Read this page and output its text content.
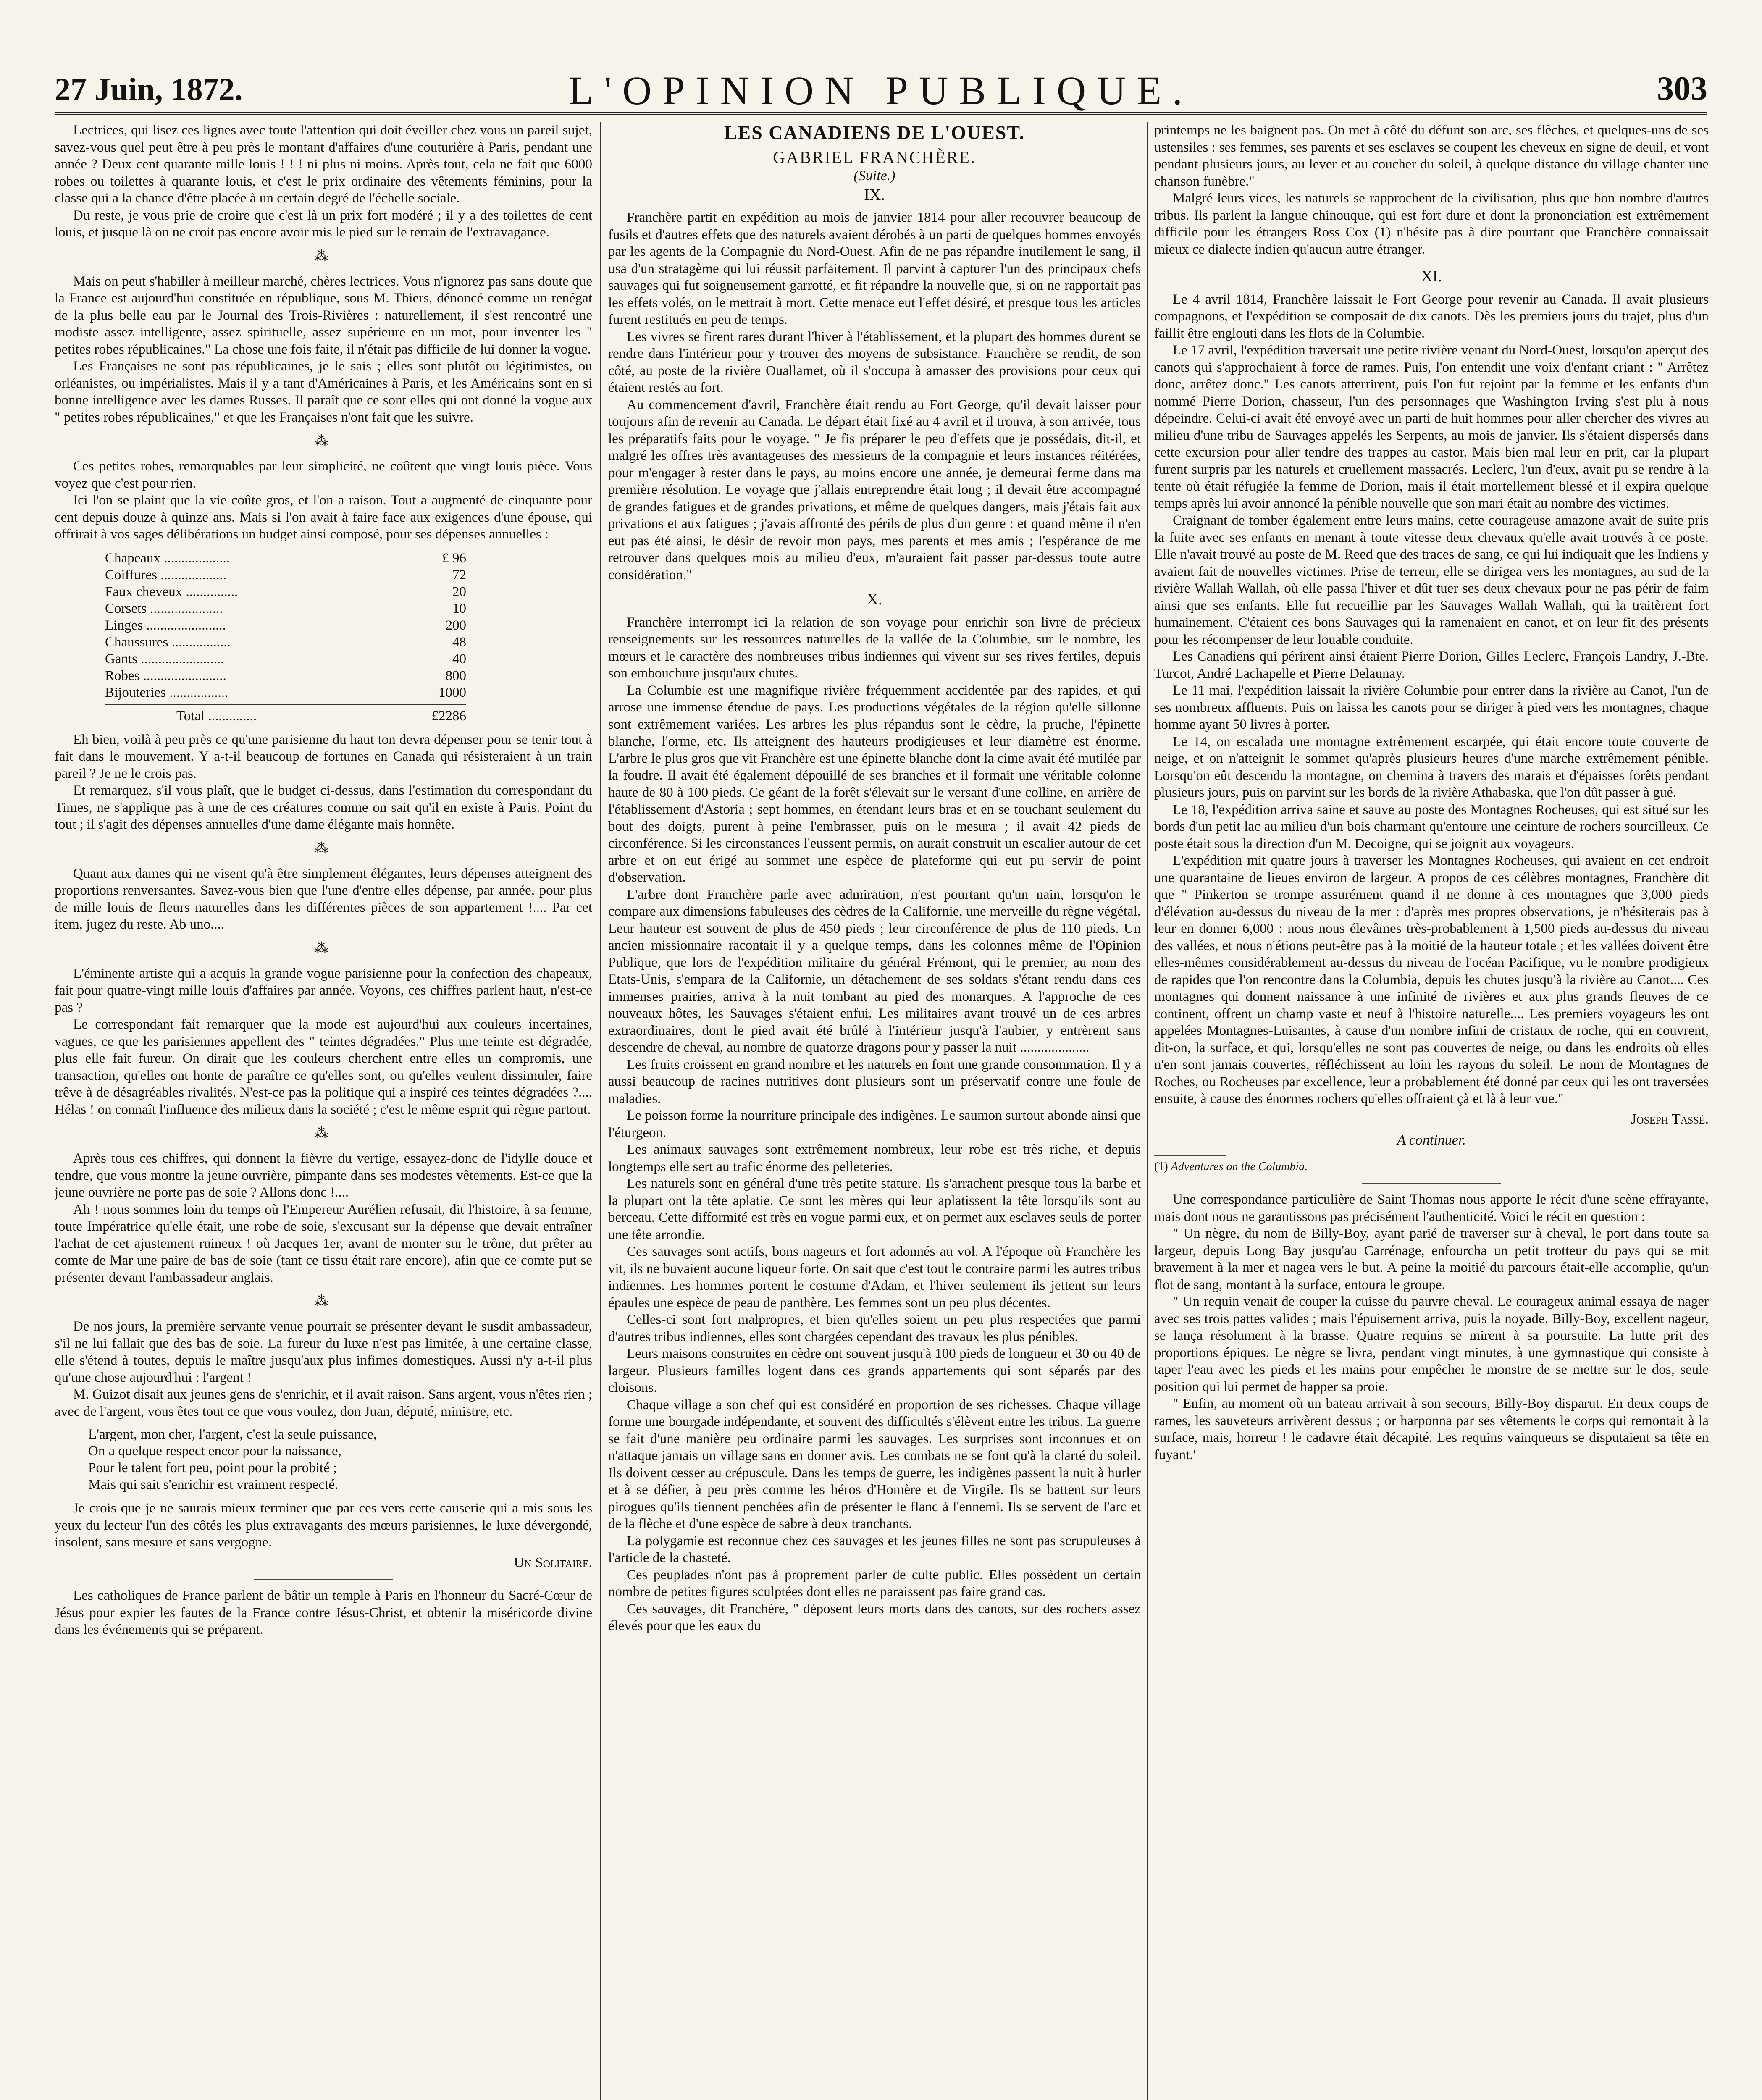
27 Juin, 1872.	L'OPINION PUBLIQUE.	303

Lectrices, qui lisez ces lignes avec toute l'attention qui doit éveiller chez vous un pareil sujet, savez-vous quel peut être à peu près le montant d'affaires d'une couturière à Paris, pendant une année ? Deux cent quarante mille louis ! ! ! ni plus ni moins. Après tout, cela ne fait que 6000 robes ou toilettes à quarante louis, et c'est le prix ordinaire des vêtements féminins, pour la classe qui a la chance d'être placée à un certain degré de l'échelle sociale.

Du reste, je vous prie de croire que c'est là un prix fort modéré ; il y a des toilettes de cent louis, et jusque là on ne croit pas encore avoir mis le pied sur le terrain de l'extravagance.

⁂

Mais on peut s'habiller à meilleur marché, chères lectrices. Vous n'ignorez pas sans doute que la France est aujourd'hui constituée en république, sous M. Thiers, dénoncé comme un renégat de la plus belle eau par le Journal des Trois-Rivières : naturellement, il s'est rencontré une modiste assez intelligente, assez spirituelle, assez supérieure en un mot, pour inventer les " petites robes républicaines." La chose une fois faite, il n'était pas difficile de lui donner la vogue.

Les Françaises ne sont pas républicaines, je le sais ; elles sont plutôt ou légitimistes, ou orléanistes, ou impérialistes. Mais il y a tant d'Américaines à Paris, et les Américains sont en si bonne intelligence avec les dames Russes. Il paraît que ce sont elles qui ont donné la vogue aux " petites robes républicaines," et que les Françaises n'ont fait que les suivre.

⁂

Ces petites robes, remarquables par leur simplicité, ne coûtent que vingt louis pièce. Vous voyez que c'est pour rien.

Ici l'on se plaint que la vie coûte gros, et l'on a raison. Tout a augmenté de cinquante pour cent depuis douze à quinze ans. Mais si l'on avait à faire face aux exigences d'une épouse, qui offrirait à vos sages délibérations un budget ainsi composé, pour ses dépenses annuelles :

Chapeaux ...................	£ 96
Coiffures ...................	72
Faux cheveux ...............	20
Corsets .....................	10
Linges .......................	200
Chaussures .................	48
Gants ........................	40
Robes ........................	800
Bijouteries .................	1000
Total ..............	£2286

Eh bien, voilà à peu près ce qu'une parisienne du haut ton devra dépenser pour se tenir tout à fait dans le mouvement. Y a-t-il beaucoup de fortunes en Canada qui résisteraient à un train pareil ? Je ne le crois pas.

Et remarquez, s'il vous plaît, que le budget ci-dessus, dans l'estimation du correspondant du Times, ne s'applique pas à une de ces créatures comme on sait qu'il en existe à Paris. Point du tout ; il s'agit des dépenses annuelles d'une dame élégante mais honnête.

⁂

Quant aux dames qui ne visent qu'à être simplement élégantes, leurs dépenses atteignent des proportions renversantes. Savez-vous bien que l'une d'entre elles dépense, par année, pour plus de mille louis de fleurs naturelles dans les différentes pièces de son appartement !.... Par cet item, jugez du reste. Ab uno....

⁂

L'éminente artiste qui a acquis la grande vogue parisienne pour la confection des chapeaux, fait pour quatre-vingt mille louis d'affaires par année. Voyons, ces chiffres parlent haut, n'est-ce pas ?

Le correspondant fait remarquer que la mode est aujourd'hui aux couleurs incertaines, vagues, ce que les parisiennes appellent des " teintes dégradées." Plus une teinte est dégradée, plus elle fait fureur. On dirait que les couleurs cherchent entre elles un compromis, une transaction, qu'elles ont honte de paraître ce qu'elles sont, ou qu'elles veulent dissimuler, faire trêve à de désagréables rivalités. N'est-ce pas la politique qui a inspiré ces teintes dégradées ?.... Hélas ! on connaît l'influence des milieux dans la société ; c'est le même esprit qui règne partout.

⁂

Après tous ces chiffres, qui donnent la fièvre du vertige, essayez-donc de l'idylle douce et tendre, que vous montre la jeune ouvrière, pimpante dans ses modestes vêtements. Est-ce que la jeune ouvrière ne porte pas de soie ? Allons donc !....

Ah ! nous sommes loin du temps où l'Empereur Aurélien refusait, dit l'histoire, à sa femme, toute Impératrice qu'elle était, une robe de soie, s'excusant sur la dépense que devait entraîner l'achat de cet ajustement ruineux ! où Jacques 1er, avant de monter sur le trône, dut prêter au comte de Mar une paire de bas de soie (tant ce tissu était rare encore), afin que ce comte put se présenter devant l'ambassadeur anglais.

⁂

De nos jours, la première servante venue pourrait se présenter devant le susdit ambassadeur, s'il ne lui fallait que des bas de soie. La fureur du luxe n'est pas limitée, à une certaine classe, elle s'étend à toutes, depuis le maître jusqu'aux plus infimes domestiques. Aussi n'y a-t-il plus qu'une chose aujourd'hui : l'argent !

M. Guizot disait aux jeunes gens de s'enrichir, et il avait raison. Sans argent, vous n'êtes rien ; avec de l'argent, vous êtes tout ce que vous voulez, don Juan, député, ministre, etc.

L'argent, mon cher, l'argent, c'est la seule puissance,
On a quelque respect encor pour la naissance,
Pour le talent fort peu, point pour la probité ;
Mais qui sait s'enrichir est vraiment respecté.

Je crois que je ne saurais mieux terminer que par ces vers cette causerie qui a mis sous les yeux du lecteur l'un des côtés les plus extravagants des mœurs parisiennes, le luxe dévergondé, insolent, sans mesure et sans vergogne.

Un Solitaire.

Les catholiques de France parlent de bâtir un temple à Paris en l'honneur du Sacré-Cœur de Jésus pour expier les fautes de la France contre Jésus-Christ, et obtenir la miséricorde divine dans les événements qui se préparent.

LES CANADIENS DE L'OUEST.
GABRIEL FRANCHÈRE.
(Suite.)
IX.

Franchère partit en expédition au mois de janvier 1814 pour aller recouvrer beaucoup de fusils et d'autres effets que des naturels avaient dérobés à un parti de quelques hommes envoyés par les agents de la Compagnie du Nord-Ouest. Afin de ne pas répandre inutilement le sang, il usa d'un stratagème qui lui réussit parfaitement. Il parvint à capturer l'un des principaux chefs sauvages qui fut soigneusement garrotté, et fit répandre la nouvelle que, si on ne rapportait pas les effets volés, on le mettrait à mort. Cette menace eut l'effet désiré, et presque tous les articles furent restitués en peu de temps.

Les vivres se firent rares durant l'hiver à l'établissement, et la plupart des hommes durent se rendre dans l'intérieur pour y trouver des moyens de subsistance. Franchère se rendit, de son côté, au poste de la rivière Ouallamet, où il s'occupa à amasser des provisions pour ceux qui étaient restés au fort.

Au commencement d'avril, Franchère était rendu au Fort George, qu'il devait laisser pour toujours afin de revenir au Canada. Le départ était fixé au 4 avril et il trouva, à son arrivée, tous les préparatifs faits pour le voyage. " Je fis préparer le peu d'effets que je possédais, dit-il, et malgré les offres très avantageuses des messieurs de la compagnie et leurs instances réitérées, pour m'engager à rester dans le pays, au moins encore une année, je demeurai ferme dans ma première résolution. Le voyage que j'allais entreprendre était long ; il devait être accompagné de grandes fatigues et de grandes privations, et même de quelques dangers, mais j'étais fait aux privations et aux fatigues ; j'avais affronté des périls de plus d'un genre : et quand même il n'en eut pas été ainsi, le désir de revoir mon pays, mes parents et mes amis ; l'espérance de me retrouver dans quelques mois au milieu d'eux, m'auraient fait passer par-dessus toute autre considération."

X.

Franchère interrompt ici la relation de son voyage pour enrichir son livre de précieux renseignements sur les ressources naturelles de la vallée de la Columbie, sur le nombre, les mœurs et le caractère des nombreuses tribus indiennes qui vivent sur ses rives fertiles, depuis son embouchure jusqu'aux chutes.

La Columbie est une magnifique rivière fréquemment accidentée par des rapides, et qui arrose une immense étendue de pays. Les productions végétales de la région qu'elle sillonne sont extrêmement variées. Les arbres les plus répandus sont le cèdre, la pruche, l'épinette blanche, l'orme, etc. Ils atteignent des hauteurs prodigieuses et leur diamètre est énorme. L'arbre le plus gros que vit Franchère est une épinette blanche dont la cime avait été mutilée par la foudre. Il avait été également dépouillé de ses branches et il formait une véritable colonne haute de 80 à 100 pieds. Ce géant de la forêt s'élevait sur le versant d'une colline, en arrière de l'établissement d'Astoria ; sept hommes, en étendant leurs bras et en se touchant seulement du bout des doigts, purent à peine l'embrasser, puis on le mesura ; il avait 42 pieds de circonférence. Si les circonstances l'eussent permis, on aurait construit un escalier autour de cet arbre et on eut érigé au sommet une espèce de plateforme qui eut pu servir de point d'observation.

L'arbre dont Franchère parle avec admiration, n'est pourtant qu'un nain, lorsqu'on le compare aux dimensions fabuleuses des cèdres de la Californie, une merveille du règne végétal. Leur hauteur est souvent de plus de 450 pieds ; leur circonférence de plus de 110 pieds. Un ancien missionnaire racontait il y a quelque temps, dans les colonnes même de l'Opinion Publique, que lors de l'expédition militaire du général Frémont, qui le premier, au nom des Etats-Unis, s'empara de la Californie, un détachement de ses soldats s'étant rendu dans ces immenses prairies, arriva à la nuit tombant au pied des monarques. A l'approche de ces nouveaux hôtes, les Sauvages s'étaient enfui. Les militaires avant trouvé un de ces arbres extraordinaires, dont le pied avait été brûlé à l'intérieur jusqu'à l'aubier, y entrèrent sans descendre de cheval, au nombre de quatorze dragons pour y passer la nuit ....................

Les fruits croissent en grand nombre et les naturels en font une grande consommation. Il y a aussi beaucoup de racines nutritives dont plusieurs sont un préservatif contre une foule de maladies.

Le poisson forme la nourriture principale des indigènes. Le saumon surtout abonde ainsi que l'éturgeon.

Les animaux sauvages sont extrêmement nombreux, leur robe est très riche, et depuis longtemps elle sert au trafic énorme des pelleteries.

Les naturels sont en général d'une très petite stature. Ils s'arrachent presque tous la barbe et la plupart ont la tête aplatie. Ce sont les mères qui leur aplatissent la tête lorsqu'ils sont au berceau. Cette difformité est très en vogue parmi eux, et on permet aux esclaves seuls de porter une tête arrondie.

Ces sauvages sont actifs, bons nageurs et fort adonnés au vol. A l'époque où Franchère les vit, ils ne buvaient aucune liqueur forte. On sait que c'est tout le contraire parmi les autres tribus indiennes. Les hommes portent le costume d'Adam, et l'hiver seulement ils jettent sur leurs épaules une espèce de peau de panthère. Les femmes sont un peu plus décentes.

Celles-ci sont fort malpropres, et bien qu'elles soient un peu plus respectées que parmi d'autres tribus indiennes, elles sont chargées cependant des travaux les plus pénibles.

Leurs maisons construites en cèdre ont souvent jusqu'à 100 pieds de longueur et 30 ou 40 de largeur. Plusieurs familles logent dans ces grands appartements qui sont séparés par des cloisons.

Chaque village a son chef qui est considéré en proportion de ses richesses. Chaque village forme une bourgade indépendante, et souvent des difficultés s'élèvent entre les tribus. La guerre se fait d'une manière peu ordinaire parmi les sauvages. Les surprises sont inconnues et on n'attaque jamais un village sans en donner avis. Les combats ne se font qu'à la clarté du soleil. Ils doivent cesser au crépuscule. Dans les temps de guerre, les indigènes passent la nuit à hurler et à se défier, à peu près comme les héros d'Homère et de Virgile. Ils se battent sur leurs pirogues qu'ils tiennent penchées afin de présenter le flanc à l'ennemi. Ils se servent de l'arc et de la flèche et d'une espèce de sabre à deux tranchants.

La polygamie est reconnue chez ces sauvages et les jeunes filles ne sont pas scrupuleuses à l'article de la chasteté.

Ces peuplades n'ont pas à proprement parler de culte public. Elles possèdent un certain nombre de petites figures sculptées dont elles ne paraissent pas faire grand cas.

Ces sauvages, dit Franchère, " déposent leurs morts dans des canots, sur des rochers assez élevés pour que les eaux du

printemps ne les baignent pas. On met à côté du défunt son arc, ses flèches, et quelques-uns de ses ustensiles : ses femmes, ses parents et ses esclaves se coupent les cheveux en signe de deuil, et vont pendant plusieurs jours, au lever et au coucher du soleil, à quelque distance du village chanter une chanson funèbre."

Malgré leurs vices, les naturels se rapprochent de la civilisation, plus que bon nombre d'autres tribus. Ils parlent la langue chinouque, qui est fort dure et dont la prononciation est extrêmement difficile pour les étrangers Ross Cox (1) n'hésite pas à dire pourtant que Franchère connaissait mieux ce dialecte indien qu'aucun autre étranger.

XI.

Le 4 avril 1814, Franchère laissait le Fort George pour revenir au Canada. Il avait plusieurs compagnons, et l'expédition se composait de dix canots. Dès les premiers jours du trajet, plus d'un faillit être englouti dans les flots de la Columbie.

Le 17 avril, l'expédition traversait une petite rivière venant du Nord-Ouest, lorsqu'on aperçut des canots qui s'approchaient à force de rames. Puis, l'on entendit une voix d'enfant criant : " Arrêtez donc, arrêtez donc." Les canots atterrirent, puis l'on fut rejoint par la femme et les enfants d'un nommé Pierre Dorion, chasseur, l'un des personnages que Washington Irving s'est plu à nous dépeindre. Celui-ci avait été envoyé avec un parti de huit hommes pour aller chercher des vivres au milieu d'une tribu de Sauvages appelés les Serpents, au mois de janvier. Ils s'étaient dispersés dans cette excursion pour aller tendre des trappes au castor. Mais bien mal leur en prit, car la plupart furent surpris par les naturels et cruellement massacrés. Leclerc, l'un d'eux, avait pu se rendre à la tente où était réfugiée la femme de Dorion, mais il était mortellement blessé et il expira quelque temps après lui avoir annoncé la pénible nouvelle que son mari était au nombre des victimes.

Craignant de tomber également entre leurs mains, cette courageuse amazone avait de suite pris la fuite avec ses enfants en menant à toute vitesse deux chevaux qu'elle avait trouvés à ce poste. Elle n'avait trouvé au poste de M. Reed que des traces de sang, ce qui lui indiquait que les Indiens y avaient fait de nouvelles victimes. Prise de terreur, elle se dirigea vers les montagnes, au sud de la rivière Wallah Wallah, où elle passa l'hiver et dût tuer ses deux chevaux pour ne pas périr de faim ainsi que ses enfants. Elle fut recueillie par les Sauvages Wallah Wallah, qui la traitèrent fort humainement. C'étaient ces bons Sauvages qui la ramenaient en canot, et on leur fit des présents pour les récompenser de leur louable conduite.

Les Canadiens qui périrent ainsi étaient Pierre Dorion, Gilles Leclerc, François Landry, J.-Bte. Turcot, André Lachapelle et Pierre Delaunay.

Le 11 mai, l'expédition laissait la rivière Columbie pour entrer dans la rivière au Canot, l'un de ses nombreux affluents. Puis on laissa les canots pour se diriger à pied vers les montagnes, chaque homme ayant 50 livres à porter.

Le 14, on escalada une montagne extrêmement escarpée, qui était encore toute couverte de neige, et on n'atteignit le sommet qu'après plusieurs heures d'une marche extrêmement pénible. Lorsqu'on eût descendu la montagne, on chemina à travers des marais et d'épaisses forêts pendant plusieurs jours, puis on parvint sur les bords de la rivière Athabaska, que l'on dût passer à gué.

Le 18, l'expédition arriva saine et sauve au poste des Montagnes Rocheuses, qui est situé sur les bords d'un petit lac au milieu d'un bois charmant qu'entoure une ceinture de rochers sourcilleux. Ce poste était sous la direction d'un M. Decoigne, qui se joignit aux voyageurs.

L'expédition mit quatre jours à traverser les Montagnes Rocheuses, qui avaient en cet endroit une quarantaine de lieues environ de largeur. A propos de ces célèbres montagnes, Franchère dit que " Pinkerton se trompe assurément quand il ne donne à ces montagnes que 3,000 pieds d'élévation au-dessus du niveau de la mer : d'après mes propres observations, je n'hésiterais pas à leur en donner 6,000 : nous nous élevâmes très-probablement à 1,500 pieds au-dessus du niveau des vallées, et nous n'étions peut-être pas à la moitié de la hauteur totale ; et les vallées doivent être elles-mêmes considérablement au-dessus du niveau de l'océan Pacifique, vu le nombre prodigieux de rapides que l'on rencontre dans la Columbia, depuis les chutes jusqu'à la rivière au Canot.... Ces montagnes qui donnent naissance à une infinité de rivières et aux plus grands fleuves de ce continent, offrent un champ vaste et neuf à l'histoire naturelle.... Les premiers voyageurs les ont appelées Montagnes-Luisantes, à cause d'un nombre infini de cristaux de roche, qui en couvrent, dit-on, la surface, et qui, lorsqu'elles ne sont pas couvertes de neige, ou dans les endroits où elles n'en sont jamais couvertes, réfléchissent au loin les rayons du soleil. Le nom de Montagnes de Roches, ou Rocheuses par excellence, leur a probablement été donné par ceux qui les ont traversées ensuite, à cause des énormes rochers qu'elles offraient çà et là à leur vue."

Joseph Tassé.
A continuer.
(1) Adventures on the Columbia.

Une correspondance particulière de Saint Thomas nous apporte le récit d'une scène effrayante, mais dont nous ne garantissons pas précisément l'authenticité. Voici le récit en question :

" Un nègre, du nom de Billy-Boy, ayant parié de traverser sur à cheval, le port dans toute sa largeur, depuis Long Bay jusqu'au Carrénage, enfourcha un petit trotteur du pays qui se mit bravement à la mer et nagea vers le but. A peine la moitié du parcours était-elle accomplie, qu'un flot de sang, montant à la surface, entoura le groupe.

" Un requin venait de couper la cuisse du pauvre cheval. Le courageux animal essaya de nager avec ses trois pattes valides ; mais l'épuisement arriva, puis la noyade. Billy-Boy, excellent nageur, se lança résolument à la brasse. Quatre requins se mirent à sa poursuite. La lutte prit des proportions épiques. Le nègre se livra, pendant vingt minutes, à une gymnastique qui consiste à taper l'eau avec les pieds et les mains pour empêcher le monstre de se mettre sur le dos, seule position qui lui permet de happer sa proie.

" Enfin, au moment où un bateau arrivait à son secours, Billy-Boy disparut. En deux coups de rames, les sauveteurs arrivèrent dessus ; or harponna par ses vêtements le corps qui remontait à la surface, mais, horreur ! le cadavre était décapité. Les requins vainqueurs se disputaient sa tête en fuyant.'
